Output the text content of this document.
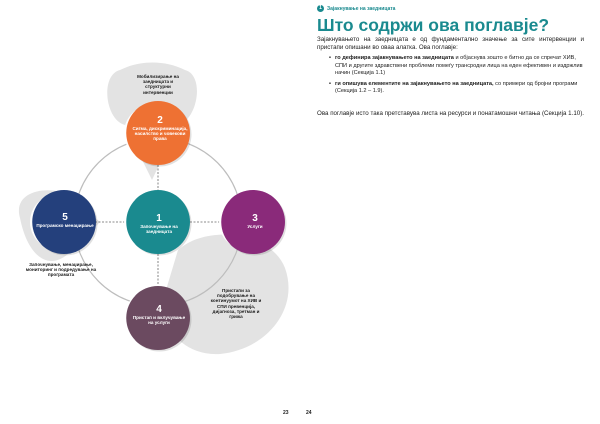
1
Започнување на заедницата
2
Сигма, дискриминација, насилство и човекови права
3
Услуги
4
Пристап и вклучување на услуги
5
Програмско менаџирање
Мобилизирање на заедницата и структурни интервенции
Започнување, менаџирање, мониторинг и подредување на програмата
Пристапи за подобрување на континуумот на ХИВ и СПИ превенција, дијагноза, третман и грижа
23	24
1	Зајакнување на заедницата
Што содржи ова поглавје?

Зајакнувањето на заедницата е од фундаментално значење за сите интервенции и пристапи опишани во оваа алатка. Ова поглавје:

• го дефинира зајакнувањето на заедницата и објаснува зошто е битно да се спречат ХИВ, СПИ и другите здравствени проблеми помеѓу трансродни лица на еден ефективен и издржлив начин (Секција 1.1)
• ги опишува елементите на зајакнувањето на заедницата, со примери од бројни програми (Секција 1.2 – 1.9).

Ова поглавје исто така претставува листа на ресурси и понатамошни читања (Секција 1.10).
